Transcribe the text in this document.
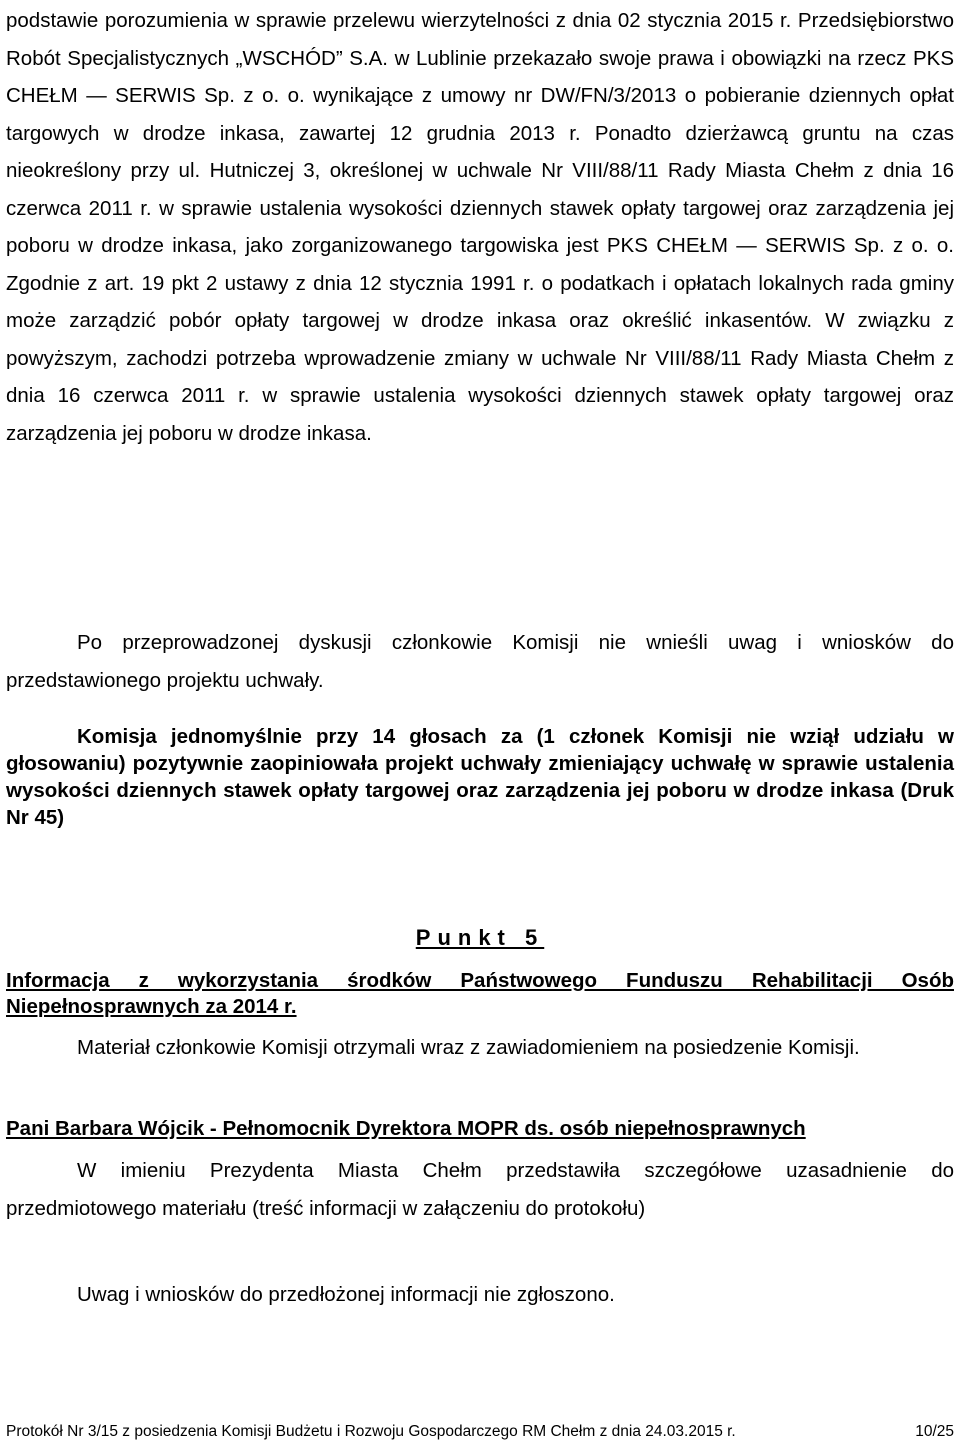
podstawie porozumienia w sprawie przelewu wierzytelności z dnia 02 stycznia 2015 r. Przedsiębiorstwo Robót Specjalistycznych „WSCHÓD” S.A. w Lublinie przekazało swoje prawa i obowiązki na rzecz PKS CHEŁM — SERWIS Sp. z o. o. wynikające z umowy nr DW/FN/3/2013 o pobieranie dziennych opłat targowych w drodze inkasa, zawartej 12 grudnia 2013 r. Ponadto dzierżawcą gruntu na czas nieokreślony przy ul. Hutniczej 3, określonej w uchwale Nr VIII/88/11 Rady Miasta Chełm z dnia 16 czerwca 2011 r. w sprawie ustalenia wysokości dziennych stawek opłaty targowej oraz zarządzenia jej poboru w drodze inkasa, jako zorganizowanego targowiska jest PKS CHEŁM — SERWIS Sp. z o. o. Zgodnie z art. 19 pkt 2 ustawy z dnia 12 stycznia 1991 r. o podatkach i opłatach lokalnych rada gminy może zarządzić pobór opłaty targowej w drodze inkasa oraz określić inkasentów. W związku z powyższym, zachodzi potrzeba wprowadzenie zmiany w uchwale Nr VIII/88/11 Rady Miasta Chełm z dnia 16 czerwca 2011 r. w sprawie ustalenia wysokości dziennych stawek opłaty targowej oraz zarządzenia jej poboru w drodze inkasa.

Po przeprowadzonej dyskusji członkowie Komisji nie wnieśli uwag i wniosków do przedstawionego projektu uchwały.

Komisja jednomyślnie przy 14 głosach za (1 członek Komisji nie wziął udziału w głosowaniu) pozytywnie zaopiniowała projekt uchwały zmieniający uchwałę w sprawie ustalenia wysokości dziennych stawek opłaty targowej oraz zarządzenia jej poboru w drodze inkasa (Druk Nr 45)

Punkt 5

Informacja z wykorzystania środków Państwowego Funduszu Rehabilitacji Osób Niepełnosprawnych za 2014 r.

Materiał członkowie Komisji otrzymali wraz z zawiadomieniem na posiedzenie Komisji.

Pani Barbara Wójcik - Pełnomocnik Dyrektora MOPR ds. osób niepełnosprawnych

W imieniu Prezydenta Miasta Chełm przedstawiła szczegółowe uzasadnienie do przedmiotowego materiału (treść informacji w załączeniu do protokołu)

Uwag i wniosków do przedłożonej informacji nie zgłoszono.

Protokół Nr 3/15 z posiedzenia Komisji Budżetu i Rozwoju Gospodarczego RM Chełm z dnia 24.03.2015 r.	10/25
